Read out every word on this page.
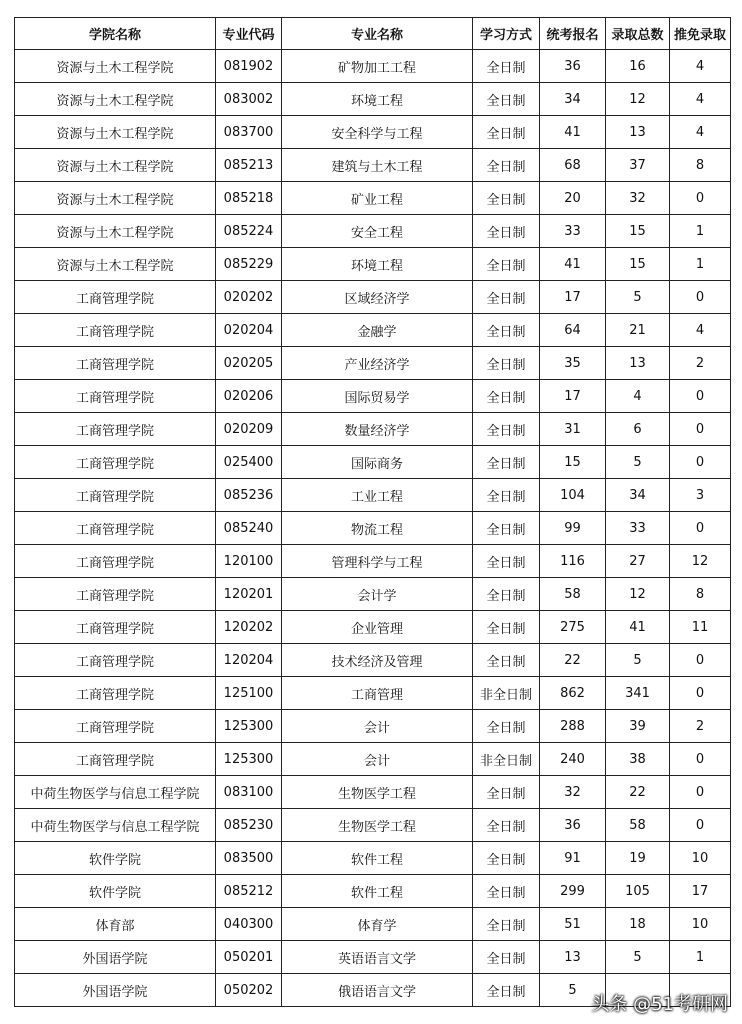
学院名称	专业代码	专业名称	学习方式	统考报名	录取总数	推免录取
资源与土木工程学院	081902	矿物加工工程	全日制	36	16	4
资源与土木工程学院	083002	环境工程	全日制	34	12	4
资源与土木工程学院	083700	安全科学与工程	全日制	41	13	4
资源与土木工程学院	085213	建筑与土木工程	全日制	68	37	8
资源与土木工程学院	085218	矿业工程	全日制	20	32	0
资源与土木工程学院	085224	安全工程	全日制	33	15	1
资源与土木工程学院	085229	环境工程	全日制	41	15	1
工商管理学院	020202	区域经济学	全日制	17	5	0
工商管理学院	020204	金融学	全日制	64	21	4
工商管理学院	020205	产业经济学	全日制	35	13	2
工商管理学院	020206	国际贸易学	全日制	17	4	0
工商管理学院	020209	数量经济学	全日制	31	6	0
工商管理学院	025400	国际商务	全日制	15	5	0
工商管理学院	085236	工业工程	全日制	104	34	3
工商管理学院	085240	物流工程	全日制	99	33	0
工商管理学院	120100	管理科学与工程	全日制	116	27	12
工商管理学院	120201	会计学	全日制	58	12	8
工商管理学院	120202	企业管理	全日制	275	41	11
工商管理学院	120204	技术经济及管理	全日制	22	5	0
工商管理学院	125100	工商管理	非全日制	862	341	0
工商管理学院	125300	会计	全日制	288	39	2
工商管理学院	125300	会计	非全日制	240	38	0
中荷生物医学与信息工程学院	083100	生物医学工程	全日制	32	22	0
中荷生物医学与信息工程学院	085230	生物医学工程	全日制	36	58	0
软件学院	083500	软件工程	全日制	91	19	10
软件学院	085212	软件工程	全日制	299	105	17
体育部	040300	体育学	全日制	51	18	10
外国语学院	050201	英语语言文学	全日制	13	5	1
外国语学院	050202	俄语语言文学	全日制	5		
头条 @51考研网
